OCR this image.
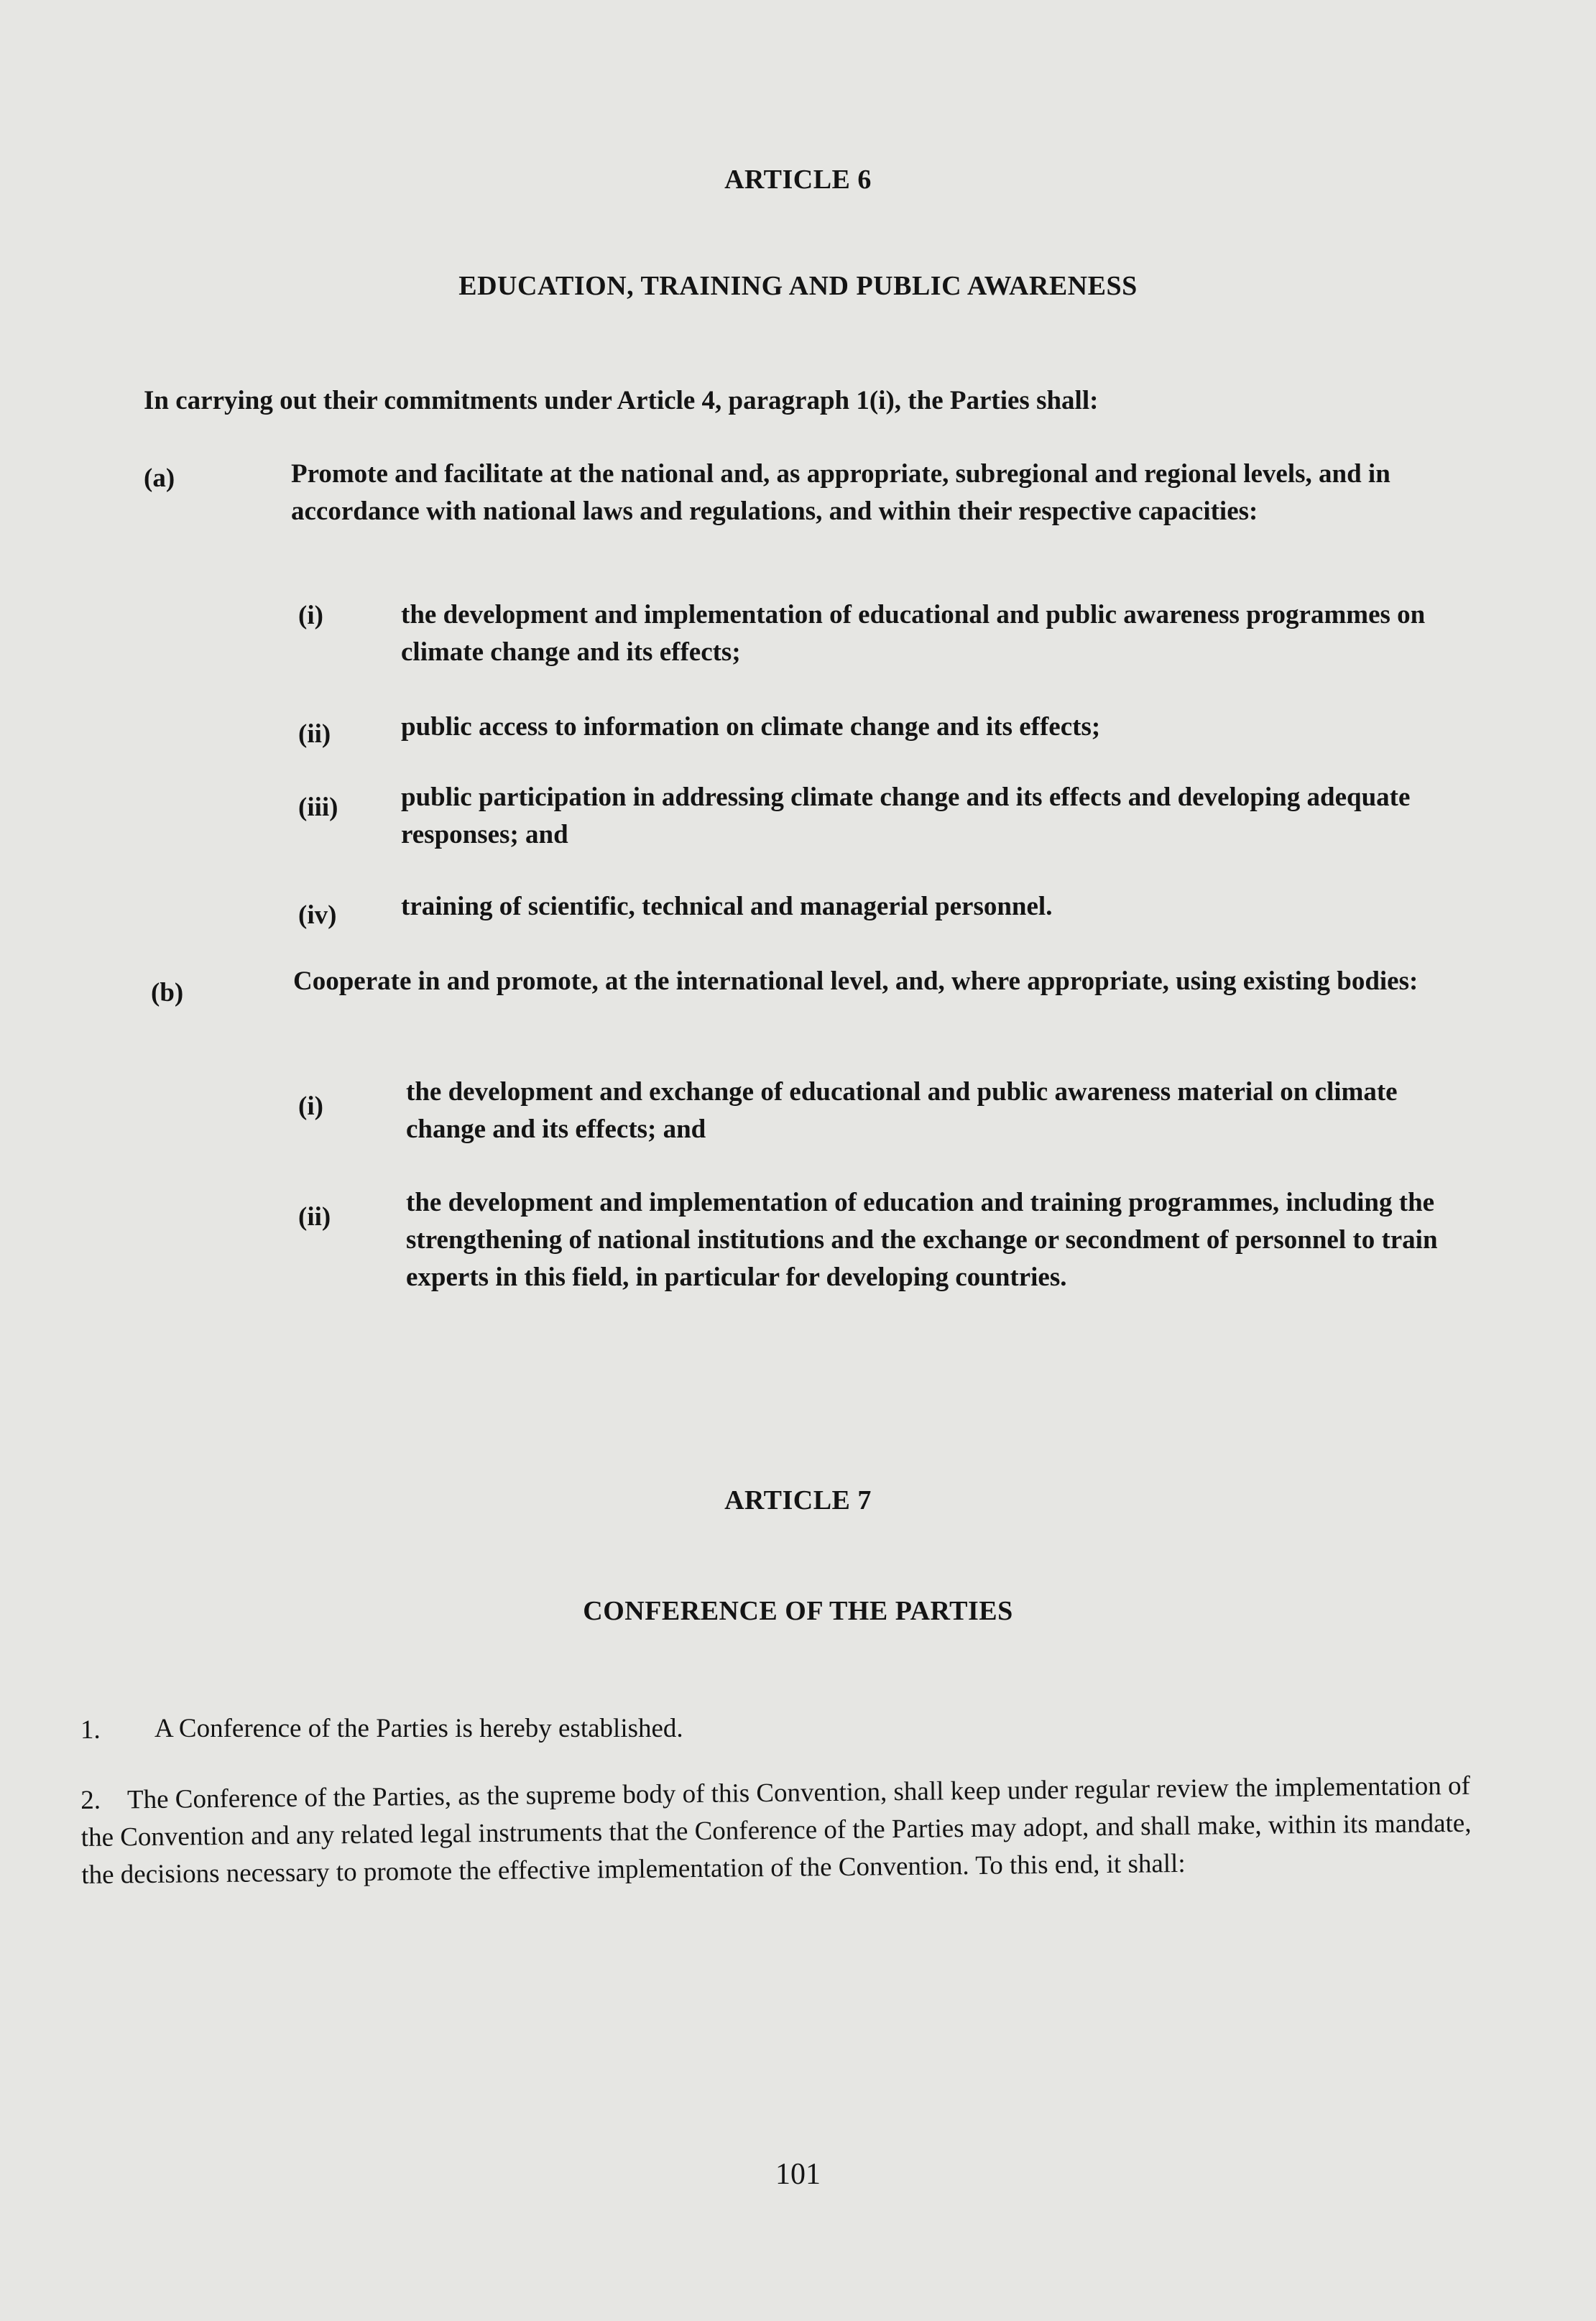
ARTICLE 6
EDUCATION, TRAINING AND PUBLIC AWARENESS
In carrying out their commitments under Article 4, paragraph 1(i), the Parties shall:
(a)	Promote and facilitate at the national and, as appropriate, subregional and regional levels, and in accordance with national laws and regulations, and within their respective capacities:
(i)	the development and implementation of educational and public awareness programmes on climate change and its effects;
(ii)	public access to information on climate change and its effects;
(iii) public participation in addressing climate change and its effects and developing adequate responses; and
(iv) training of scientific, technical and managerial personnel.
(b)	Cooperate in and promote, at the international level, and, where appropriate, using existing bodies:
(i)	the development and exchange of educational and public awareness material on climate change and its effects; and
(ii)	the development and implementation of education and training programmes, including the strengthening of national institutions and the exchange or secondment of personnel to train experts in this field, in particular for developing countries.
ARTICLE 7
CONFERENCE OF THE PARTIES
1. A Conference of the Parties is hereby established.
2. The Conference of the Parties, as the supreme body of this Convention, shall keep under regular review the implementation of the Convention and any related legal instruments that the Conference of the Parties may adopt, and shall make, within its mandate, the decisions necessary to promote the effective implementation of the Convention. To this end, it shall:
101
